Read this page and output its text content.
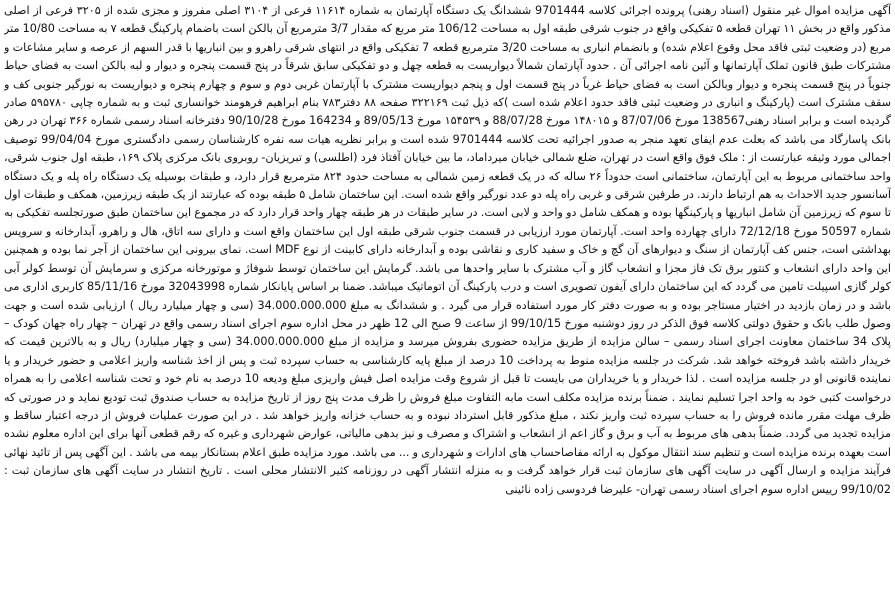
آگهی مزایده اموال غیر منقول (اسناد رهنی) پرونده اجرائی کلاسه 9701444 ششدانگ یک دستگاه آپارتمان به شماره ۱۱۶۱۴ فرعی از ۳۱۰۴ اصلی مفروز و مجزی شده از ۳۲۰۵ فرعی از اصلی مذکور واقع در بخش ۱۱ تهران قطعه ۵ تفکیکی واقع در جنوب شرقی طبقه اول به مساحت 106/12 متر مربع که مقدار 3/7 مترمربع آن بالکن است باضمام پارکینگ قطعه ۷ به مساحت 10/80 متر مربع (در وضعیت ثبتی فاقد محل وقوع اعلام شده) و بانضمام انباری به مساحت 3/20 مترمربع قطعه 7 تفکیکی واقع در انتهای شرقی راهرو و بین انباریها با قدر السهم از عرصه و سایر مشاعات و مشترکات طبق قانون تملک آپارتمانها و آئین نامه اجرائی آن . حدود آپارتمان شمالاً دیواریست به قطعه چهل و دو تفکیکی سابق شرقاً در پنج قسمت پنجره و دیوار و لبه بالکن است به فضای حیاط جنوباً در پنج قسمت پنجره و دیوار وبالکن است به فضای حیاط غرباً در پنج قسمت اول و پنجم دیواریست مشترک با آپارتمان غربی دوم و سوم و چهارم پنجره و دیواریست به نورگیر جنوبی کف و سقف مشترک است (پارکینگ و انباری در وضعیت ثبتی فاقد حدود اعلام شده است )که ذیل ثبت ۳۲۲۱۶۹ صفحه ۸۸ دفتر۷۸۳ بنام ابراهیم فرهومند خوانساری ثبت و به شماره چاپی ۵۹۵۷۸۰ صادر گردیده است و برابر اسناد رهنی138567 مورخ 87/07/06 و ۱۴۸۰۱۵ مورخ 88/07/28 و ۱۵۴۵۳۹ مورخ 89/05/13 و 164234 مورخ 90/10/28 دفترخانه اسناد رسمی شماره ۳۶۶ تهران در رهن بانک پاسارگاد می باشد که بعلت عدم ایفای تعهد منجر به صدور اجرائیه تحت کلاسه 9701444 شده است و برابر نظریه هیات سه نفره کارشناسان رسمی دادگستری مورخ 99/04/04 توصیف اجمالی مورد وثیقه عبارتست از : ملک فوق واقع است در تهران، ضلع شمالی خیابان میرداماد، ما بین خیابان آفتاذ فرد (اطلسی) و تبریزیان- روبروی بانک مرکزی پلاک ۱۶۹، طبقه اول جنوب شرقی، واحد ساختمانی مربوط به این آپارتمان، ساختمانی است حدوداً ۲۶ ساله که در یک قطعه زمین شمالی به مساحت حدود ۸۲۴ مترمربع قرار دارد، و طبقات بوسیله یک دستگاه راه پله و یک دستگاه آسانسور جدید الاحداث به هم ارتباط دارند. در طرفین شرقی و غربی راه پله دو عدد نورگیر واقع شده است. این ساختمان شامل ۵ طبقه بوده که عبارتند از یک طبقه زیرزمین، همکف و طبقات اول تا سوم که زیرزمین آن شامل انباریها و پارکینگها بوده و همکف شامل دو واحد و لابی است. در سایر طبقات در هر طبقه چهار واحد قرار دارد که در مجموع این ساختمان طبق صورتجلسه تفکیکی به شماره 50597 مورخ 72/12/18 دارای چهارده واحد است. آپارتمان مورد ارزیابی در قسمت جنوب شرقی طبقه اول این ساختمان واقع است و دارای سه اتاق، هال و راهرو، آبدارخانه و سرویس بهداشتی است، جنس کف آپارتمان از سنگ و دیوارهای آن گچ و خاک و سفید کاری و نقاشی بوده و آبدارخانه دارای کابینت از نوع MDF است. نمای بیرونی این ساختمان از آجر نما بوده و همچنین این واحد دارای انشعاب و کنتور برق تک فاز مجزا و انشعاب گاز و آب مشترک با سایر واحدها می باشد. گرمایش این ساختمان توسط شوفاژ و موتورخانه مرکزی و سرمایش آن توسط کولر آبی کولر گازی اسپیلت تامین می گردد که این ساختمان دارای آیفون تصویری است و درب پارکینگ آن اتوماتیک میباشد. ضمنا بر اساس پایانکار شماره 32043998 مورخ 85/11/16 کاربری اداری می باشد و در زمان بازدید در اختیار مستاجر بوده و به صورت دفتر کار مورد استفاده قرار می گیرد . و ششدانگ به مبلغ 34.000.000.000 (سی و چهار میلیارد ریال ) ارزیابی شده است و جهت وصول طلب بانک و حقوق دولتی کلاسه فوق الذکر در روز دوشنبه مورخ 99/10/15 از ساعت 9 صبح الی 12 ظهر در محل اداره سوم اجرای اسناد رسمی واقع در تهران – چهار راه جهان کودک – پلاک 34 ساختمان معاونت اجرای اسناد رسمی – سالن مزایده از طریق مزایده حضوری بفروش میرسد و مزایده از مبلغ 34.000.000.000 (سی و چهار میلیارد) ریال و به بالاترین قیمت که خریدار داشته باشد فروخته خواهد شد. شرکت در جلسه مزایده منوط به پرداخت 10 درصد از مبلغ پایه کارشناسی به حساب سپرده ثبت و پس از اخذ شناسه واریز اعلامی و حضور خریدار و یا نماینده قانونی او در جلسه مزایده است . لذا خریدار و یا خریداران می بایست تا قبل از شروع وقت مزایده اصل فیش واریزی مبلغ ودیعه 10 درصد به نام خود و تحت شناسه اعلامی را به همراه درخواست کتبی خود به واحد اجرا تسلیم نمایند . ضمناً برنده مزایده مکلف است مابه التفاوت مبلغ فروش را ظرف مدت پنج روز از تاریخ مزایده به حساب صندوق ثبت تودیع نماید و در صورتی که ظرف مهلت مقرر مانده فروش را به حساب سپرده ثبت واریز نکند ، مبلغ مذکور قابل استرداد نبوده و به حساب خزانه واریز خواهد شد . در این صورت عملیات فروش از درجه اعتبار ساقط و مزایده تجدید می گردد. ضمناً بدهی های مربوط به آب و برق و گاز اعم از انشعاب و اشتراک و مصرف و نیز بدهی مالیاتی، عوارض شهرداری و غیره که رقم قطعی آنها برای این اداره معلوم نشده است بعهده برنده مزایده است و تنظیم سند انتقال موکول به ارائه مفاصاحساب های ادارات و شهرداری و ... می باشد. مورد مزایده طبق اعلام بستانکار بیمه می باشد . این آگهی پس از تائید نهائی فرآیند مزایده و ارسال آگهی در سایت آگهی های سازمان ثبت قرار خواهد گرفت و به منزله انتشار آگهی در روزنامه کثیر الانتشار محلی است . تاریخ انتشار در سایت آگهی های سازمان ثبت : 99/10/02 رییس اداره سوم اجرای اسناد رسمی تهران- علیرضا فردوسی زاده نائینی
